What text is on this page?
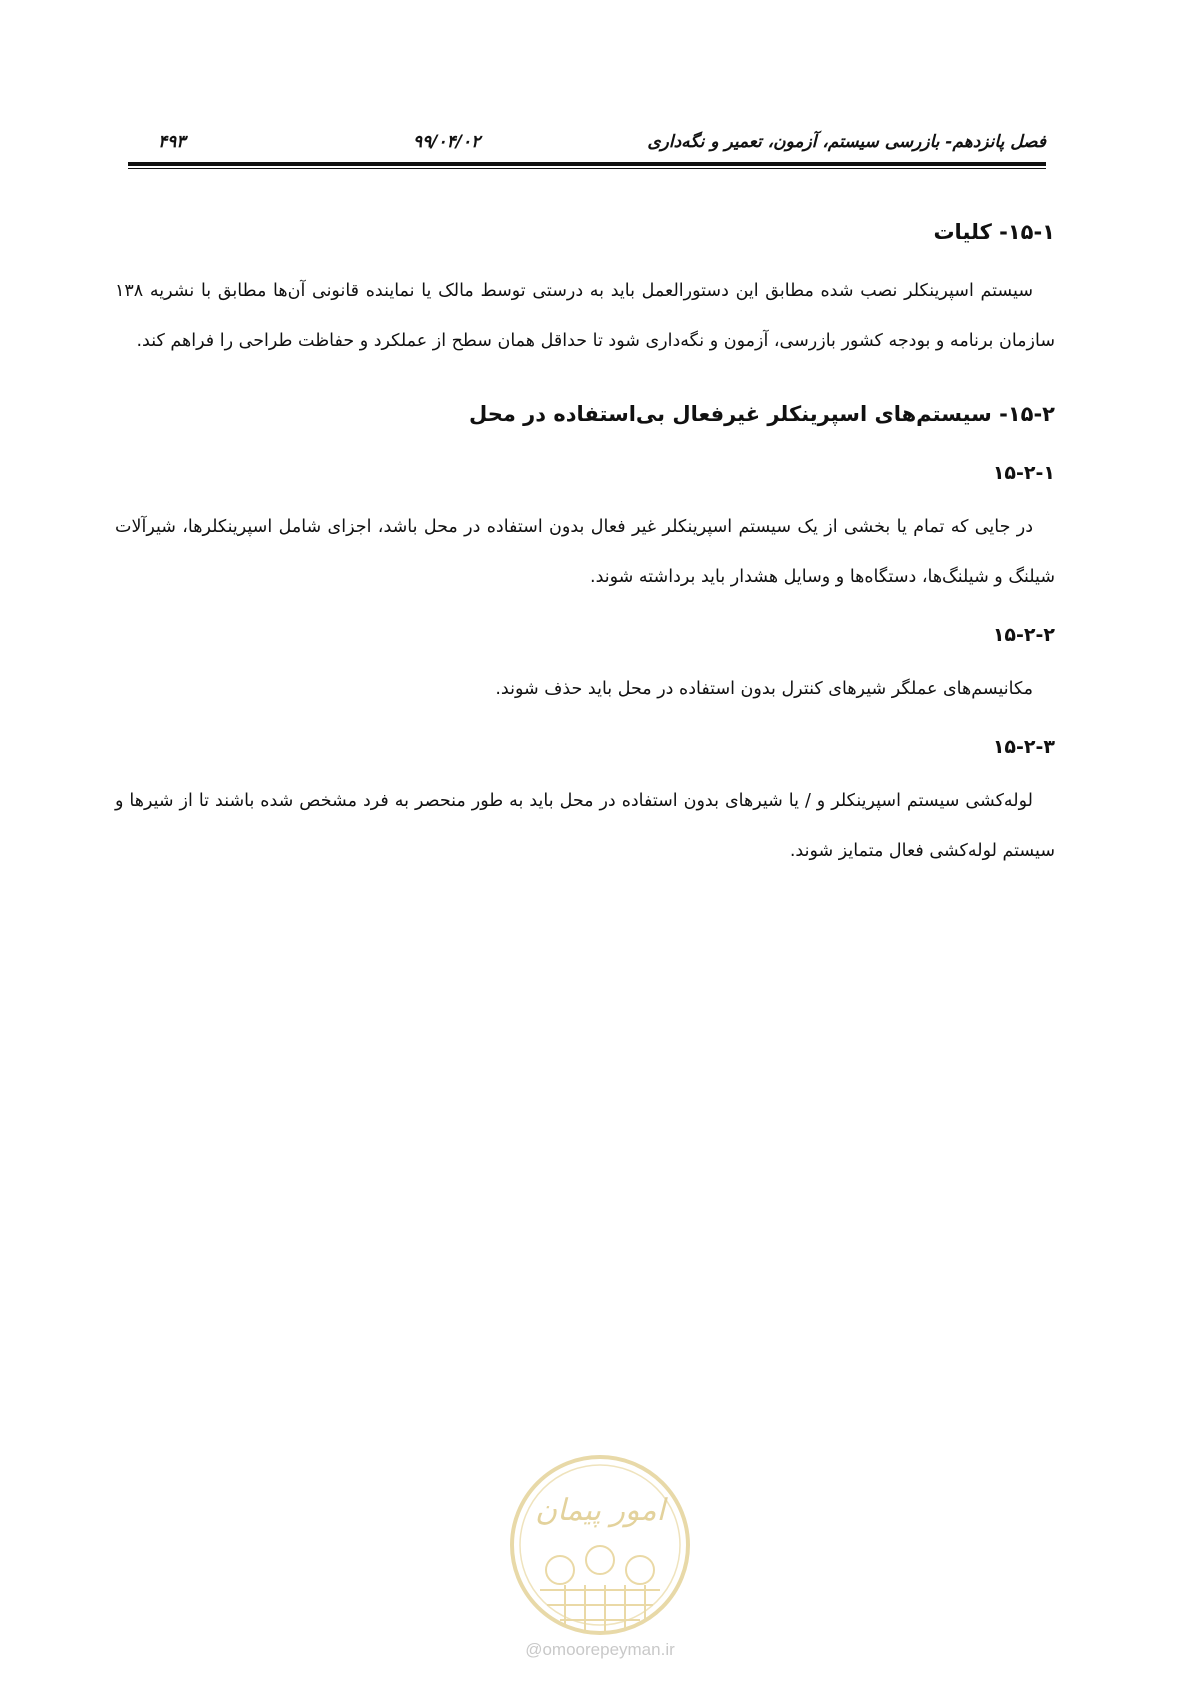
فصل پانزدهم- بازرسی سیستم، آزمون، تعمیر و نگه‌داری
۹۹/۰۴/۰۲
۴۹۳
۱۵-۱- کلیات

سیستم اسپرینکلر نصب شده مطابق این دستورالعمل باید به درستی توسط مالک یا نماینده قانونی آن‌ها مطابق با نشریه ۱۳۸ سازمان برنامه و بودجه کشور بازرسی، آزمون و نگه‌داری شود تا حداقل همان سطح از عملکرد و حفاظت طراحی را فراهم کند.

۱۵-۲- سیستم‌های اسپرینکلر غیرفعال بی‌استفاده در محل
۱۵-۲-۱

در جایی که تمام یا بخشی از یک سیستم اسپرینکلر غیر فعال بدون استفاده در محل باشد، اجزای شامل اسپرینکلرها، شیرآلات شیلنگ و شیلنگ‌ها، دستگاه‌ها و وسایل هشدار باید برداشته شوند.

۱۵-۲-۲

مکانیسم‌های عملگر شیرهای کنترل بدون استفاده در محل باید حذف شوند.

۱۵-۲-۳

لوله‌کشی سیستم اسپرینکلر و / یا شیرهای بدون استفاده در محل باید به طور منحصر به فرد مشخص شده باشند تا از شیرها و سیستم لوله‌کشی فعال متمایز شوند.

امور پیمان
@omoorepeyman.ir
